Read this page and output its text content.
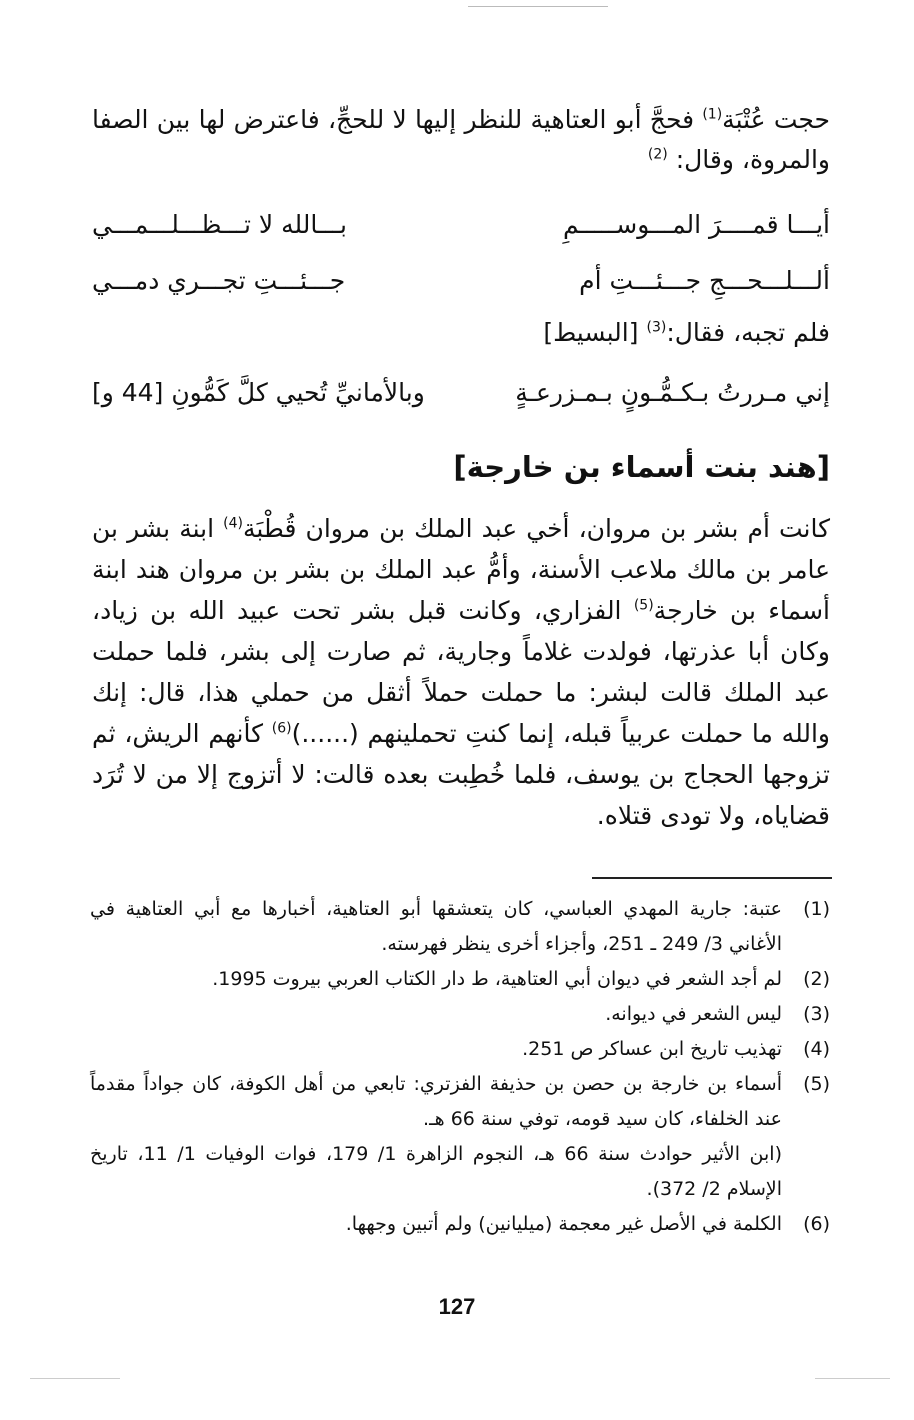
حجت عُتْبَة$^{(1)}$ فحجَّ أبو العتاهية للنظر إليها لا للحجِّ، فاعترض لها بين الصفا والمروة، وقال: $^{(2)}$

أيـــا قمــــرَ المـــوســـــمِ
بـــالله لا تـــظـــلـــمـــي
ألـــلـــحـــجِ جـــئـــتِ أم
جـــئـــتِ تجـــري دمـــي
فلم تجبه، فقال:$^{(3)}$ [البسيط]
إني مـررتُ بـكـمُّـونٍ بـمـزرعـةٍ
وبالأمانيِّ تُحيي كلَّ كَمُّونِ [44 و]
[هند بنت أسماء بن خارجة]

كانت أم بشر بن مروان، أخي عبد الملك بن مروان قُطْبَة$^{(4)}$ ابنة بشر بن عامر بن مالك ملاعب الأسنة، وأمُّ عبد الملك بن بشر بن مروان هند ابنة أسماء بن خارجة$^{(5)}$ الفزاري، وكانت قبل بشر تحت عبيد الله بن زياد، وكان أبا عذرتها، فولدت غلاماً وجارية، ثم صارت إلى بشر، فلما حملت عبد الملك قالت لبشر: ما حملت حملاً أثقل من حملي هذا، قال: إنك والله ما حملت عربياً قبله، إنما كنتِ تحملينهم (......)$^{(6)}$ كأنهم الريش، ثم تزوجها الحجاج بن يوسف، فلما خُطِبت بعده قالت: لا أتزوج إلا من لا تُرَد قضاياه، ولا تودى قتلاه.

(1)
عتبة: جارية المهدي العباسي، كان يتعشقها أبو العتاهية، أخبارها مع أبي العتاهية في الأغاني 3/ 249 ـ 251، وأجزاء أخرى ينظر فهرسته.
(2)
لم أجد الشعر في ديوان أبي العتاهية، ط دار الكتاب العربي بيروت 1995.
(3)
ليس الشعر في ديوانه.
(4)
تهذيب تاريخ ابن عساكر ص 251.
(5)
أسماء بن خارجة بن حصن بن حذيفة الفزتري: تابعي من أهل الكوفة، كان جواداً مقدماً عند الخلفاء، كان سيد قومه، توفي سنة 66 هـ.
(ابن الأثير حوادث سنة 66 هـ، النجوم الزاهرة 1/ 179، فوات الوفيات 1/ 11، تاريخ الإسلام 2/ 372).
(6)
الكلمة في الأصل غير معجمة (ميليانين) ولم أتبين وجهها.
127
